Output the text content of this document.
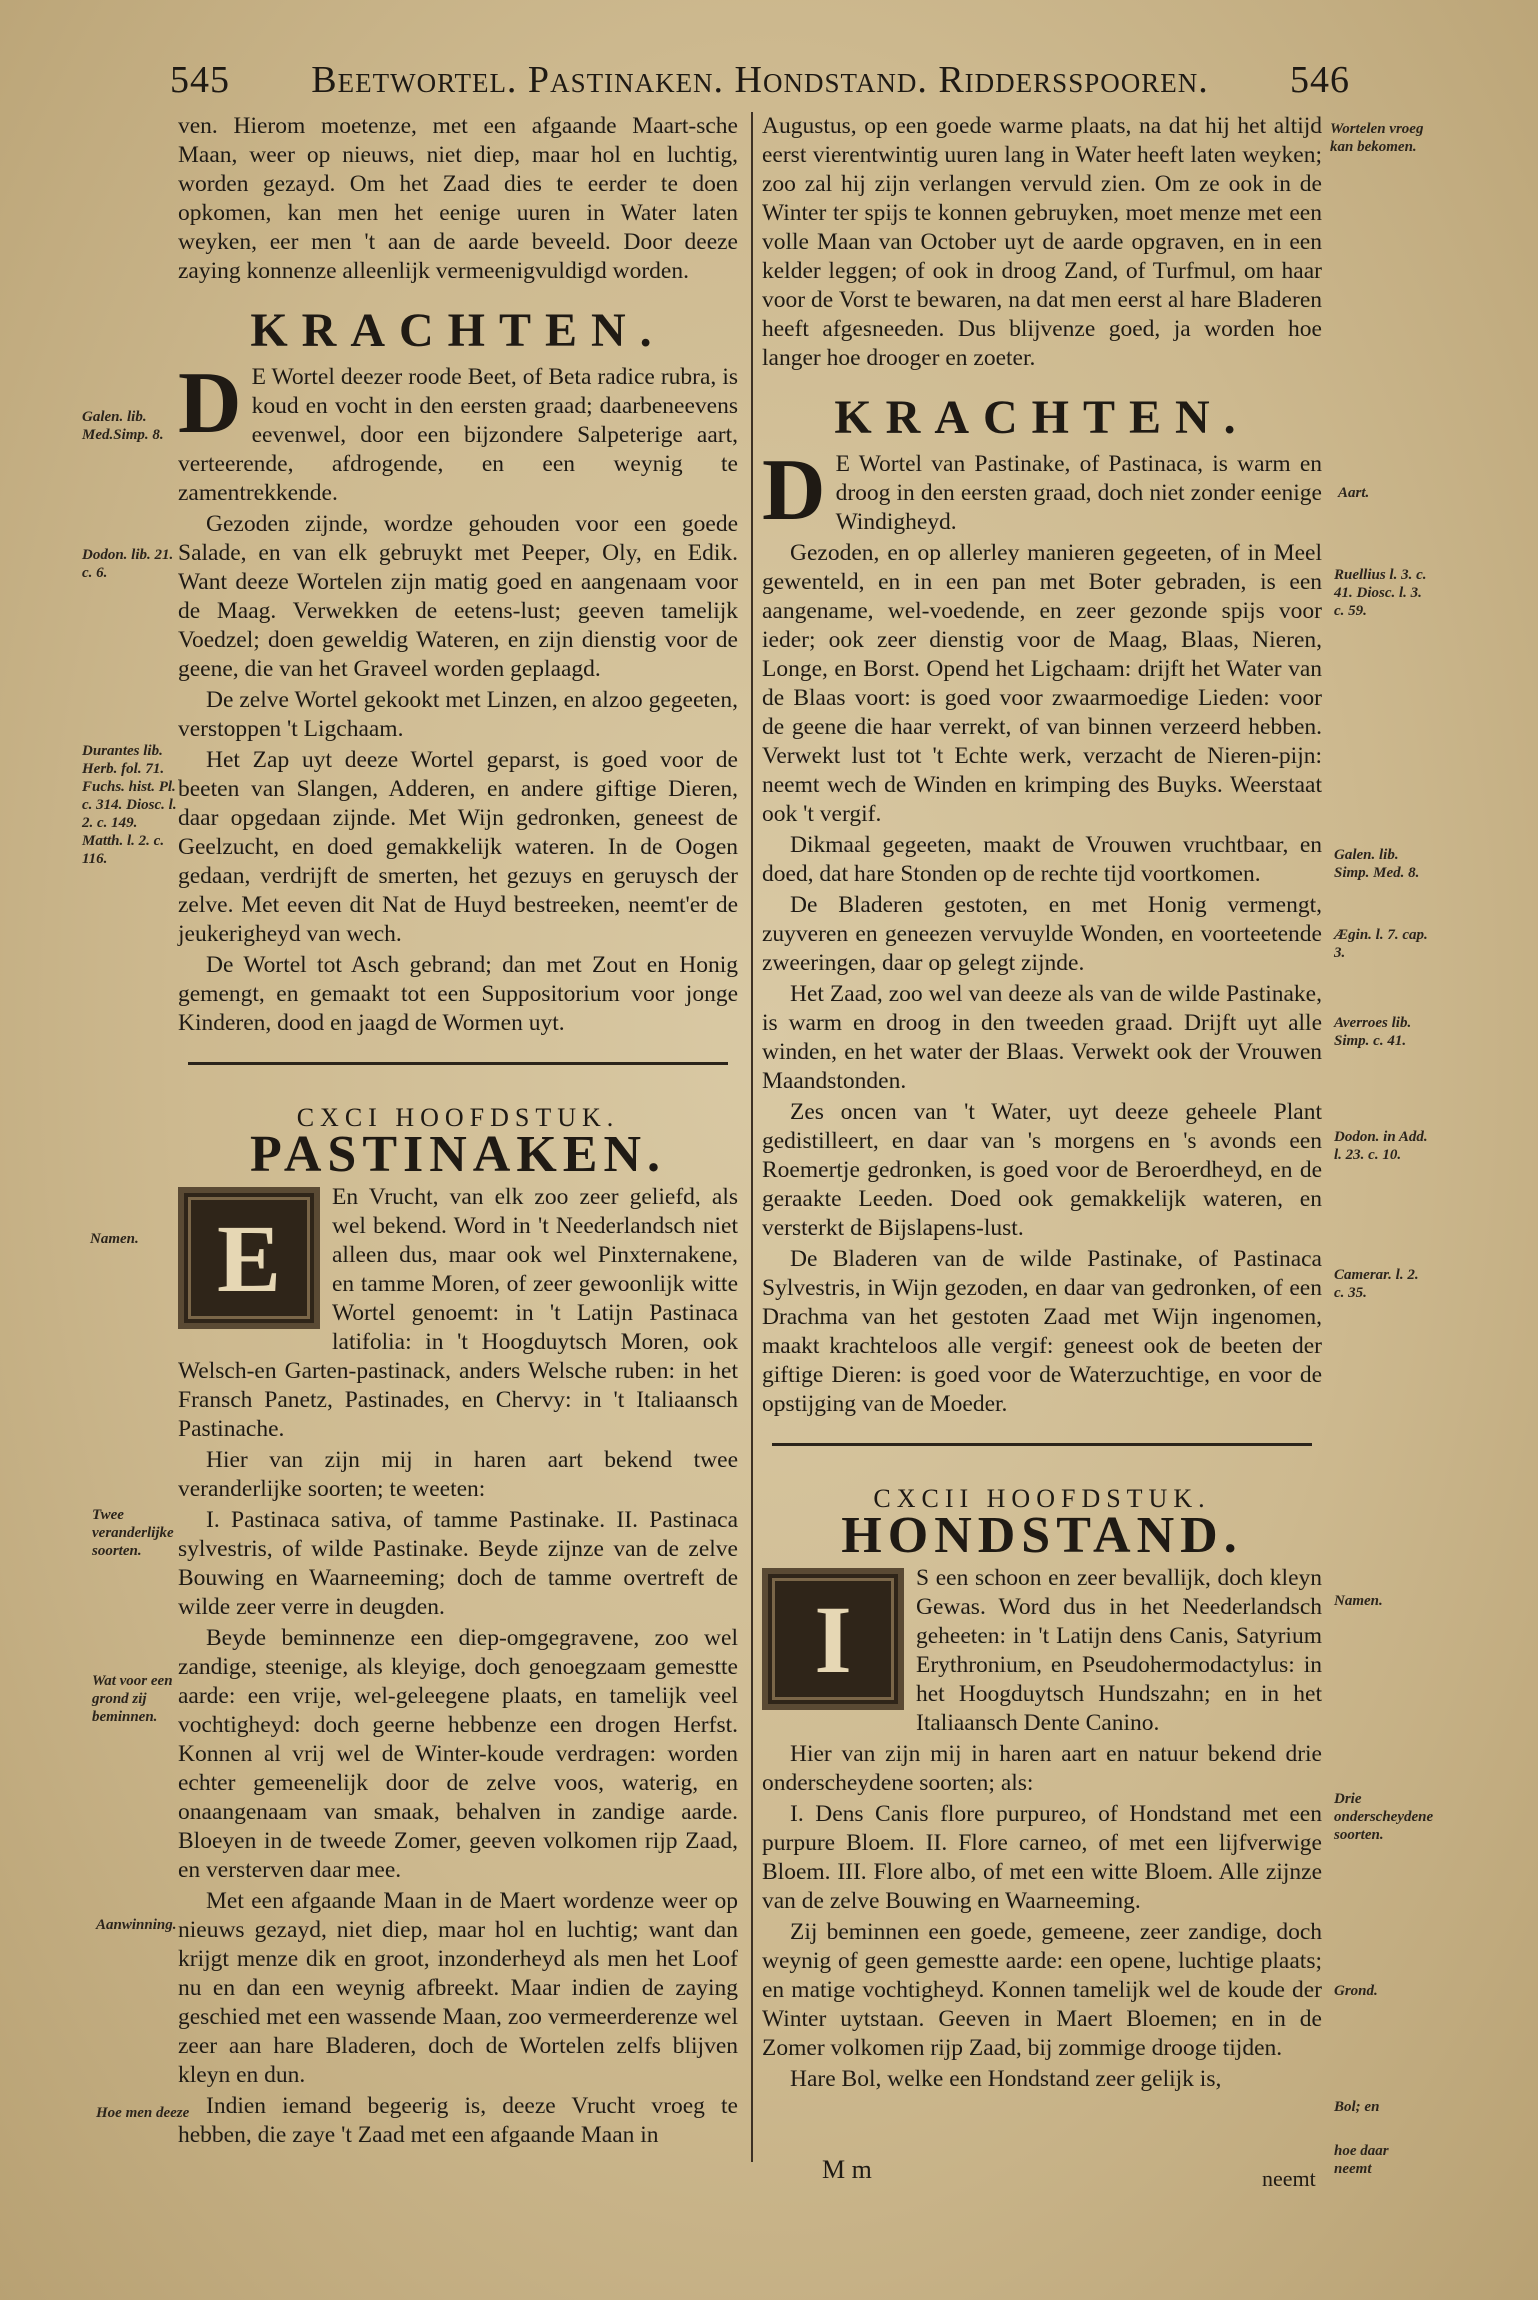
545 Beetwortel. Pastinaken. Hondstand. Riddersspooren. 546

ven. Hierom moetenze, met een afgaande Maart-sche Maan, weer op nieuws, niet diep, maar hol en luchtig, worden gezayd. Om het Zaad dies te eerder te doen opkomen, kan men het eenige uuren in Water laten weyken, eer men 't aan de aarde beveeld. Door deeze zaying konnenze alleenlijk vermeenigvuldigd worden.

KRACHTEN.

D E Wortel deezer roode Beet, of Beta radice rubra, is koud en vocht in den eersten graad; daarbeneevens eevenwel, door een bijzondere Salpeterige aart, verteerende, afdrogende, en een weynig te zamentrekkende.

Gezoden zijnde, wordze gehouden voor een goede Salade, en van elk gebruykt met Peeper, Oly, en Edik. Want deeze Wortelen zijn matig goed en aangenaam voor de Maag. Verwekken de eetens-lust; geeven tamelijk Voedzel; doen geweldig Wateren, en zijn dienstig voor de geene, die van het Graveel worden geplaagd.

De zelve Wortel gekookt met Linzen, en alzoo gegeeten, verstoppen 't Ligchaam.

Het Zap uyt deeze Wortel geparst, is goed voor de beeten van Slangen, Adderen, en andere giftige Dieren, daar opgedaan zijnde. Met Wijn gedronken, geneest de Geelzucht, en doed gemakkelijk wateren. In de Oogen gedaan, verdrijft de smerten, het gezuys en geruysch der zelve. Met eeven dit Nat de Huyd bestreeken, neemt'er de jeukerigheyd van wech.

De Wortel tot Asch gebrand; dan met Zout en Honig gemengt, en gemaakt tot een Suppositorium voor jonge Kinderen, dood en jaagd de Wormen uyt.

CXCI HOOFDSTUK.
PASTINAKEN.

E
En Vrucht, van elk zoo zeer geliefd, als wel bekend. Word in 't Neederlandsch niet alleen dus, maar ook wel Pinxternakene, en tamme Moren, of zeer gewoonlijk witte Wortel genoemt: in 't Latijn Pastinaca latifolia: in 't Hoogduytsch Moren, ook Welsch-en Garten-pastinack, anders Welsche ruben: in het Fransch Panetz, Pastinades, en Chervy: in 't Italiaansch Pastinache.

Hier van zijn mij in haren aart bekend twee veranderlijke soorten; te weeten:

I. Pastinaca sativa, of tamme Pastinake. II. Pastinaca sylvestris, of wilde Pastinake. Beyde zijnze van de zelve Bouwing en Waarneeming; doch de tamme overtreft de wilde zeer verre in deugden.

Beyde beminnenze een diep-omgegravene, zoo wel zandige, steenige, als kleyige, doch genoegzaam gemestte aarde: een vrije, wel-geleegene plaats, en tamelijk veel vochtigheyd: doch geerne hebbenze een drogen Herfst. Konnen al vrij wel de Winter-koude verdragen: worden echter gemeenelijk door de zelve voos, waterig, en onaangenaam van smaak, behalven in zandige aarde. Bloeyen in de tweede Zomer, geeven volkomen rijp Zaad, en versterven daar mee.

Met een afgaande Maan in de Maert wordenze weer op nieuws gezayd, niet diep, maar hol en luchtig; want dan krijgt menze dik en groot, inzonderheyd als men het Loof nu en dan een weynig afbreekt. Maar indien de zaying geschied met een wassende Maan, zoo vermeerderenze wel zeer aan hare Bladeren, doch de Wortelen zelfs blijven kleyn en dun.

Indien iemand begeerig is, deeze Vrucht vroeg te hebben, die zaye 't Zaad met een afgaande Maan in

Augustus, op een goede warme plaats, na dat hij het altijd eerst vierentwintig uuren lang in Water heeft laten weyken; zoo zal hij zijn verlangen vervuld zien. Om ze ook in de Winter ter spijs te konnen gebruyken, moet menze met een volle Maan van October uyt de aarde opgraven, en in een kelder leggen; of ook in droog Zand, of Turfmul, om haar voor de Vorst te bewaren, na dat men eerst al hare Bladeren heeft afgesneeden. Dus blijvenze goed, ja worden hoe langer hoe drooger en zoeter.

KRACHTEN.

D E Wortel van Pastinake, of Pastinaca, is warm en droog in den eersten graad, doch niet zonder eenige Windigheyd.

Gezoden, en op allerley manieren gegeeten, of in Meel gewenteld, en in een pan met Boter gebraden, is een aangename, wel-voedende, en zeer gezonde spijs voor ieder; ook zeer dienstig voor de Maag, Blaas, Nieren, Longe, en Borst. Opend het Ligchaam: drijft het Water van de Blaas voort: is goed voor zwaarmoedige Lieden: voor de geene die haar verrekt, of van binnen verzeerd hebben. Verwekt lust tot 't Echte werk, verzacht de Nieren-pijn: neemt wech de Winden en krimping des Buyks. Weerstaat ook 't vergif.

Dikmaal gegeeten, maakt de Vrouwen vruchtbaar, en doed, dat hare Stonden op de rechte tijd voortkomen.

De Bladeren gestoten, en met Honig vermengt, zuyveren en geneezen vervuylde Wonden, en voorteetende zweeringen, daar op gelegt zijnde.

Het Zaad, zoo wel van deeze als van de wilde Pastinake, is warm en droog in den tweeden graad. Drijft uyt alle winden, en het water der Blaas. Verwekt ook der Vrouwen Maandstonden.

Zes oncen van 't Water, uyt deeze geheele Plant gedistilleert, en daar van 's morgens en 's avonds een Roemertje gedronken, is goed voor de Beroerdheyd, en de geraakte Leeden. Doed ook gemakkelijk wateren, en versterkt de Bijslapens-lust.

De Bladeren van de wilde Pastinake, of Pastinaca Sylvestris, in Wijn gezoden, en daar van gedronken, of een Drachma van het gestoten Zaad met Wijn ingenomen, maakt krachteloos alle vergif: geneest ook de beeten der giftige Dieren: is goed voor de Waterzuchtige, en voor de opstijging van de Moeder.

CXCII HOOFDSTUK.
HONDSTAND.

I
S een schoon en zeer bevallijk, doch kleyn Gewas. Word dus in het Neederlandsch geheeten: in 't Latijn dens Canis, Satyrium Erythronium, en Pseudohermodactylus: in het Hoogduytsch Hundszahn; en in het Italiaansch Dente Canino.

Hier van zijn mij in haren aart en natuur bekend drie onderscheydene soorten; als:

I. Dens Canis flore purpureo, of Hondstand met een purpure Bloem. II. Flore carneo, of met een lijfverwige Bloem. III. Flore albo, of met een witte Bloem. Alle zijnze van de zelve Bouwing en Waarneeming.

Zij beminnen een goede, gemeene, zeer zandige, doch weynig of geen gemestte aarde: een opene, luchtige plaats; en matige vochtigheyd. Konnen tamelijk wel de koude der Winter uytstaan. Geeven in Maert Bloemen; en in de Zomer volkomen rijp Zaad, bij zommige drooge tijden.

Hare Bol, welke een Hondstand zeer gelijk is,

Galen. lib. Med.Simp. 8.
Dodon. lib. 21. c. 6.
Durantes lib. Herb. fol. 71. Fuchs. hist. Pl. c. 314. Diosc. l. 2. c. 149. Matth. l. 2. c. 116.
Namen.
Twee veranderlijke soorten.
Wat voor een grond zij beminnen.
Aanwinning.
Hoe men deeze
Wortelen vroeg kan bekomen.
Aart.
Ruellius l. 3. c. 41. Diosc. l. 3. c. 59.
Galen. lib. Simp. Med. 8.
Ægin. l. 7. cap. 3.
Averroes lib. Simp. c. 41.
Dodon. in Add. l. 23. c. 10.
Camerar. l. 2. c. 35.
Namen.
Drie onderscheydene soorten.
Grond.
Bol; en
hoe daar neemt
M m	neemt
